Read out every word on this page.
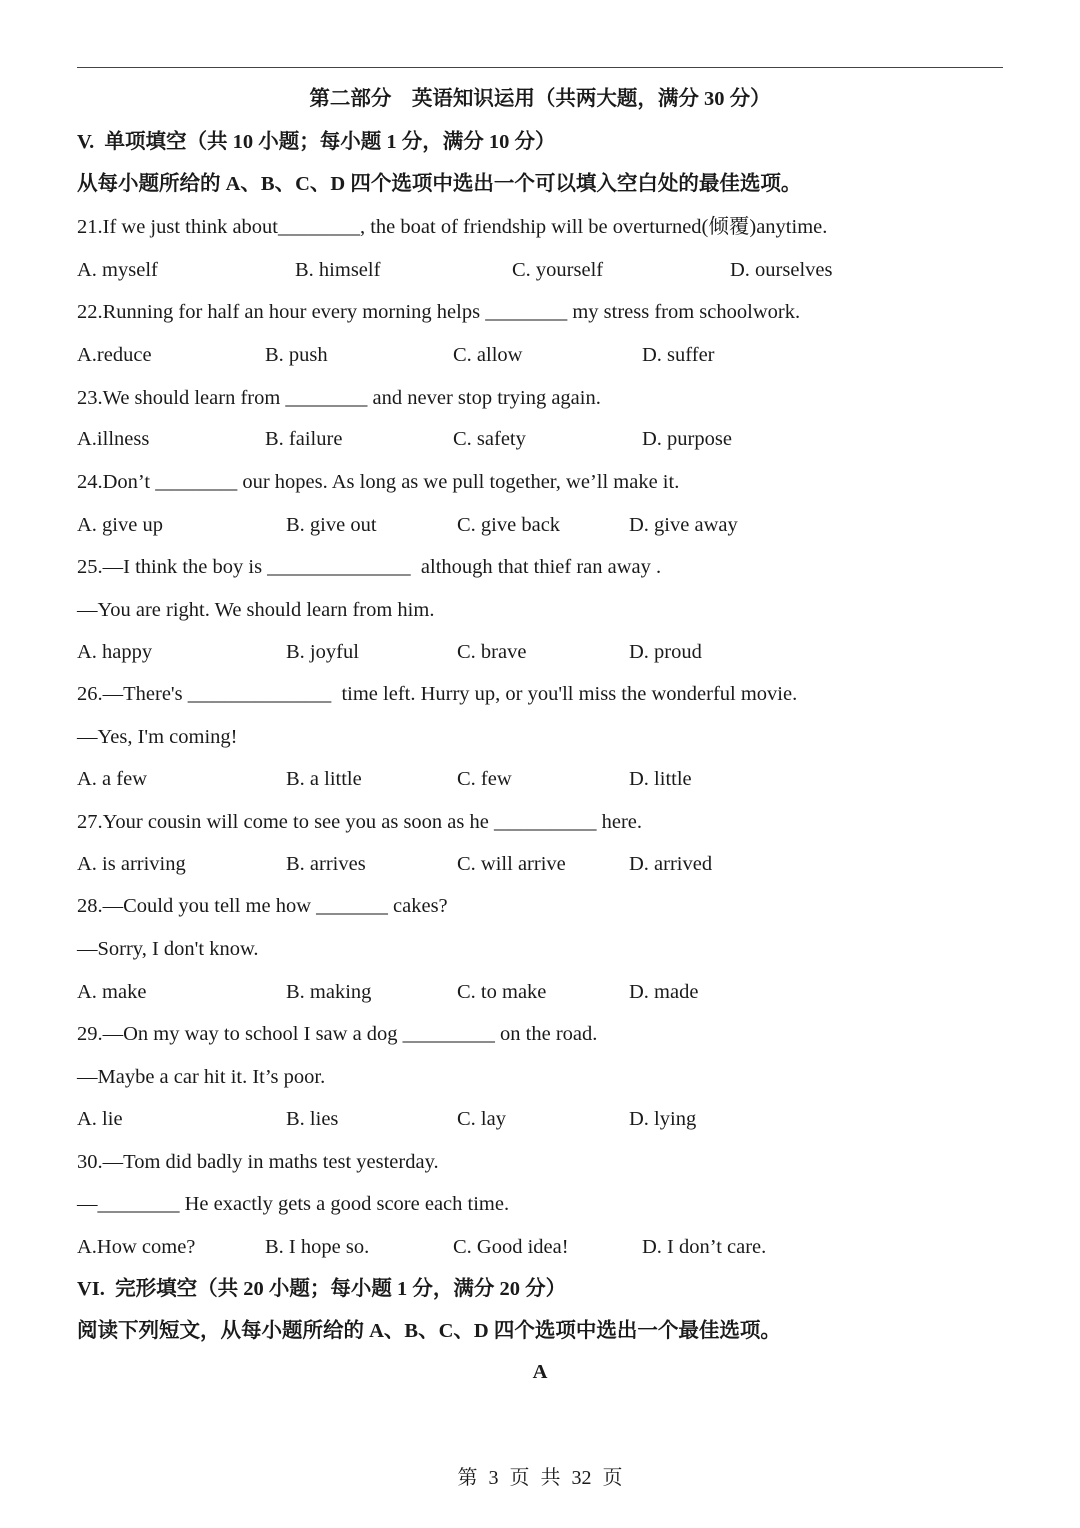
第二部分　英语知识运用（共两大题，满分 30 分）
V.  单项填空（共 10 小题；每小题 1 分，满分 10 分）
从每小题所给的 A、B、C、D 四个选项中选出一个可以填入空白处的最佳选项。
21.If we just think about________, the boat of friendship will be overturned(倾覆)anytime.
A. myself	B. himself	C. yourself	D. ourselves
22.Running for half an hour every morning helps ________ my stress from schoolwork.
A.reduce	B. push	C. allow	D. suffer
23.We should learn from ________ and never stop trying again.
A.illness	B. failure	C. safety	D. purpose
24.Don’t ________ our hopes. As long as we pull together, we’ll make it.
A. give up	B. give out	C. give back	D. give away
25.—I think the boy is ______________  although that thief ran away .
—You are right. We should learn from him.
A. happy	B. joyful	C. brave	D. proud
26.—There's ______________  time left. Hurry up, or you'll miss the wonderful movie.
—Yes, I'm coming!
A. a few	B. a little	C. few	D. little
27.Your cousin will come to see you as soon as he __________ here.
A. is arriving	B. arrives	C. will arrive	D. arrived
28.—Could you tell me how _______ cakes?
—Sorry, I don't know.
A. make	B. making	C. to make	D. made
29.—On my way to school I saw a dog _________ on the road.
—Maybe a car hit it. It’s poor.
A. lie	B. lies	C. lay	D. lying
30.—Tom did badly in maths test yesterday.
—________ He exactly gets a good score each time.
A.How come?	B. I hope so.	C. Good idea!	D. I don’t care.
VI.  完形填空（共 20 小题；每小题 1 分，满分 20 分）
阅读下列短文，从每小题所给的 A、B、C、D 四个选项中选出一个最佳选项。
A
第 3 页 共 32 页
